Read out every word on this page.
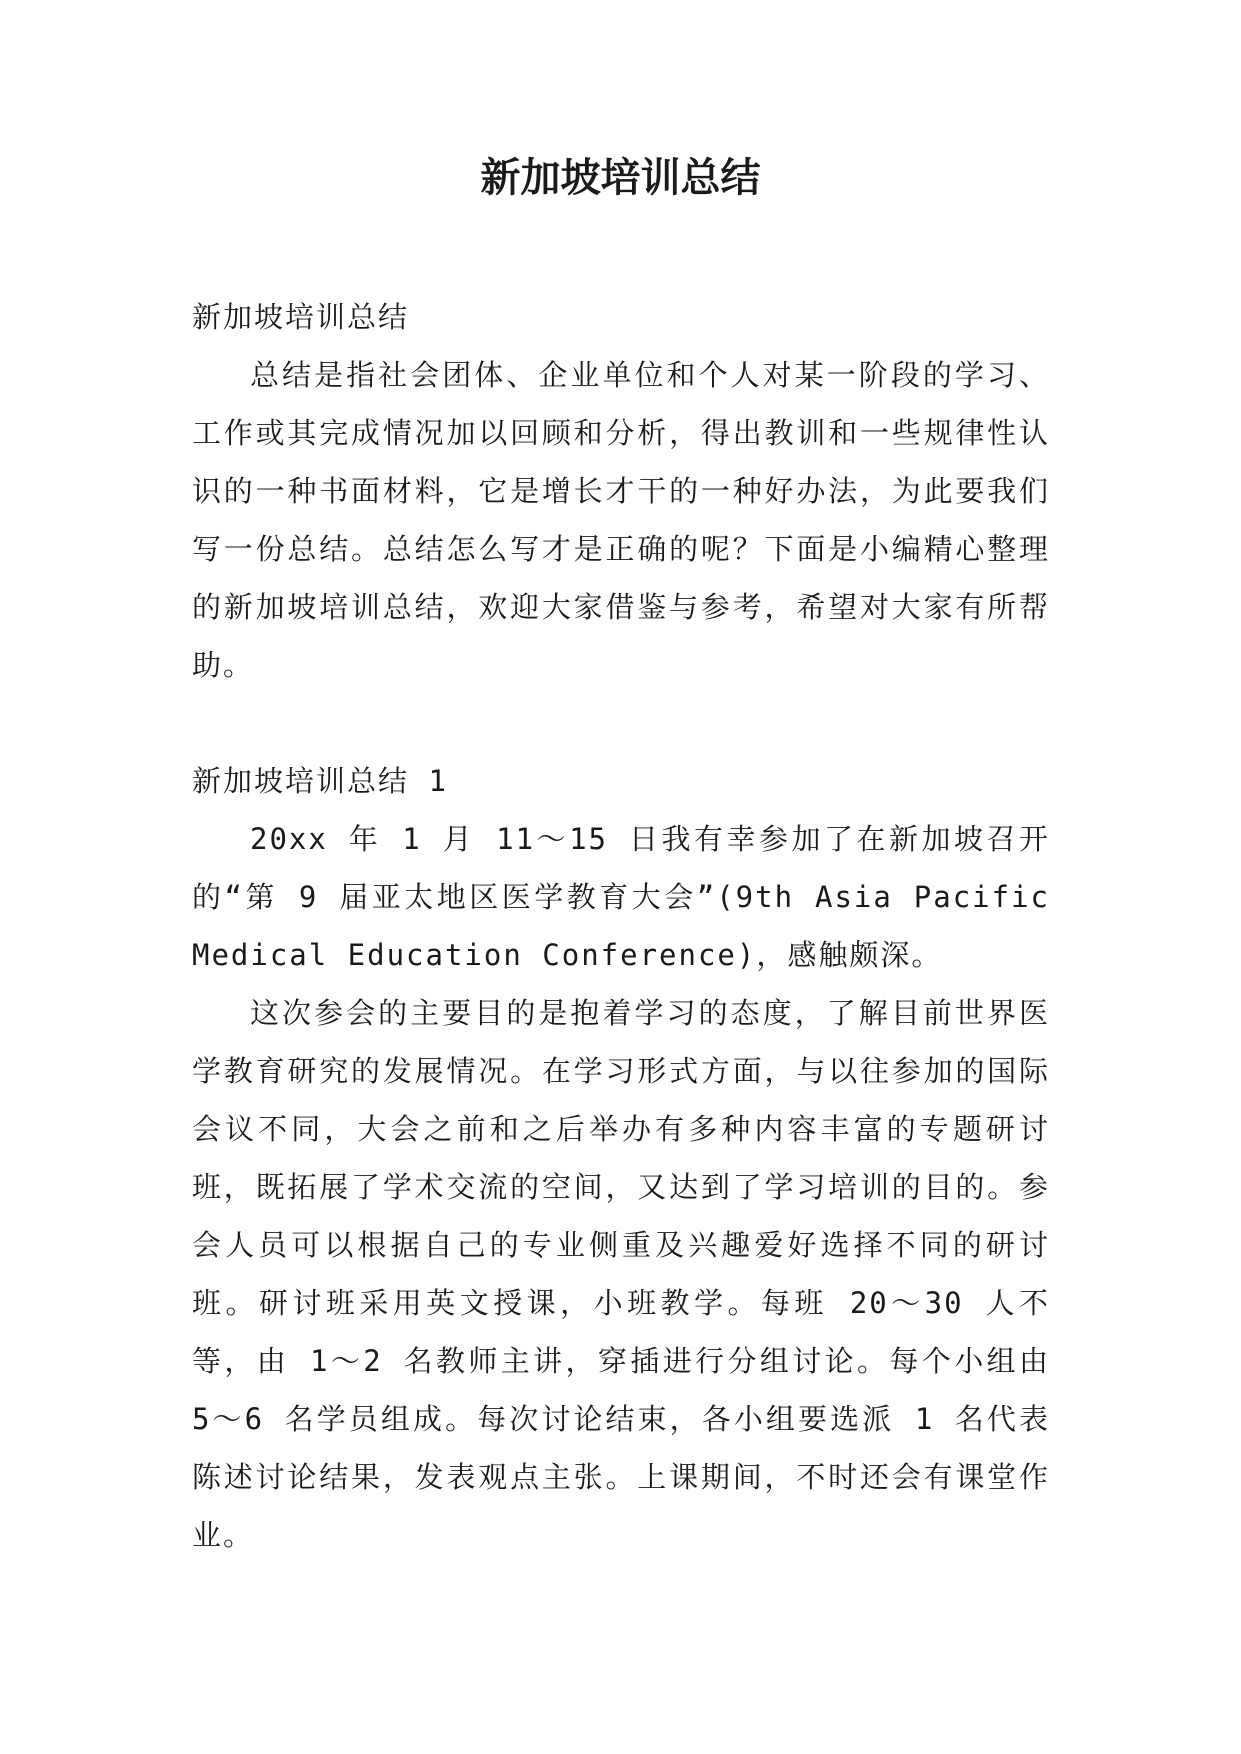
新加坡培训总结

新加坡培训总结

总结是指社会团体、企业单位和个人对某一阶段的学习、工作或其完成情况加以回顾和分析，得出教训和一些规律性认识的一种书面材料，它是增长才干的一种好办法，为此要我们写一份总结。总结怎么写才是正确的呢？下面是小编精心整理的新加坡培训总结，欢迎大家借鉴与参考，希望对大家有所帮助。

新加坡培训总结 1

20xx 年 1 月 11～15 日我有幸参加了在新加坡召开的“第 9 届亚太地区医学教育大会”(9th Asia Pacific Medical Education Conference)，感触颇深。

这次参会的主要目的是抱着学习的态度，了解目前世界医学教育研究的发展情况。在学习形式方面，与以往参加的国际会议不同，大会之前和之后举办有多种内容丰富的专题研讨班，既拓展了学术交流的空间，又达到了学习培训的目的。参会人员可以根据自己的专业侧重及兴趣爱好选择不同的研讨班。研讨班采用英文授课，小班教学。每班 20～30 人不等，由 1～2 名教师主讲，穿插进行分组讨论。每个小组由 5～6 名学员组成。每次讨论结束，各小组要选派 1 名代表陈述讨论结果，发表观点主张。上课期间，不时还会有课堂作业。
